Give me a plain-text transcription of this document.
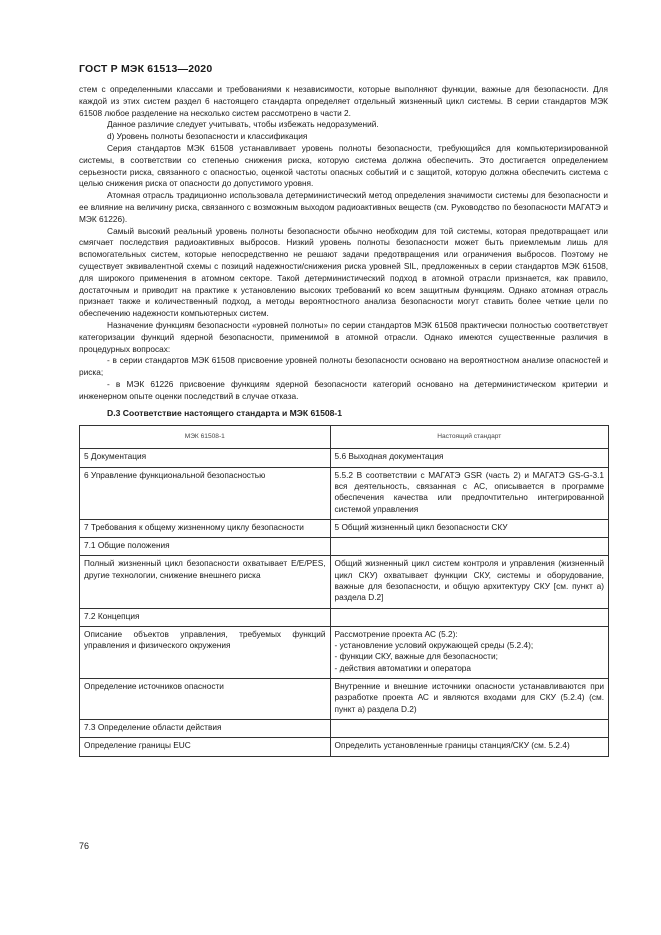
ГОСТ Р МЭК 61513—2020

стем с определенными классами и требованиями к независимости, которые выполняют функции, важные для безопасности. Для каждой из этих систем раздел 6 настоящего стандарта определяет отдельный жизненный цикл системы. В серии стандартов МЭК 61508 любое разделение на несколько систем рассмотрено в части 2.

Данное различие следует учитывать, чтобы избежать недоразумений.

d) Уровень полноты безопасности и классификация

Серия стандартов МЭК 61508 устанавливает уровень полноты безопасности, требующийся для компьютеризированной системы, в соответствии со степенью снижения риска, которую система должна обеспечить. Это достигается определением серьезности риска, связанного с опасностью, оценкой частоты опасных событий и с защитой, которую должна обеспечить система с целью снижения риска от опасности до допустимого уровня.

Атомная отрасль традиционно использовала детерминистический метод определения значимости системы для безопасности и ее влияние на величину риска, связанного с возможным выходом радиоактивных веществ (см. Руководство по безопасности МАГАТЭ и МЭК 61226).

Самый высокий реальный уровень полноты безопасности обычно необходим для той системы, которая предотвращает или смягчает последствия радиоактивных выбросов. Низкий уровень полноты безопасности может быть приемлемым лишь для вспомогательных систем, которые непосредственно не решают задачи предотвращения или ограничения выбросов. Поэтому не существует эквивалентной схемы с позиций надежности/снижения риска уровней SIL, предложенных в серии стандартов МЭК 61508, для широкого применения в атомном секторе. Такой детерминистический подход в атомной отрасли признается, как правило, достаточным и приводит на практике к установлению высоких требований ко всем защитным функциям. Однако атомная отрасль признает также и количественный подход, а методы вероятностного анализа безопасности могут ставить более четкие цели по обеспечению надежности компьютерных систем.

Назначение функциям безопасности «уровней полноты» по серии стандартов МЭК 61508 практически полностью соответствует категоризации функций ядерной безопасности, применимой в атомной отрасли. Однако имеются существенные различия в процедурных вопросах:

- в серии стандартов МЭК 61508 присвоение уровней полноты безопасности основано на вероятностном анализе опасностей и риска;

- в МЭК 61226 присвоение функциям ядерной безопасности категорий основано на детерминистическом критерии и инженерном опыте оценки последствий в случае отказа.

D.3 Соответствие настоящего стандарта и МЭК 61508-1
МЭК 61508-1	Настоящий стандарт
5 Документация	5.6 Выходная документация
6 Управление функциональной безопасностью	5.5.2 В соответствии с МАГАТЭ GSR (часть 2) и МАГАТЭ GS-G-3.1 вся деятельность, связанная с АС, описывается в программе обеспечения качества или предпочтительно интегрированной системой управления
7 Требования к общему жизненному циклу безопасности	5 Общий жизненный цикл безопасности СКУ
7.1 Общие положения	
Полный жизненный цикл безопасности охватывает E/E/PES, другие технологии, снижение внешнего риска	Общий жизненный цикл систем контроля и управления (жизненный цикл СКУ) охватывает функции СКУ, системы и оборудование, важные для безопасности, и общую архитектуру СКУ [см. пункт а) раздела D.2]
7.2 Концепция	
Описание объектов управления, требуемых функций управления и физического окружения	Рассмотрение проекта АС (5.2):
- установление условий окружающей среды (5.2.4);
- функции СКУ, важные для безопасности;
- действия автоматики и оператора
Определение источников опасности	Внутренние и внешние источники опасности устанавливаются при разработке проекта АС и являются входами для СКУ (5.2.4) (см. пункт а) раздела D.2)
7.3 Определение области действия	
Определение границы EUC	Определить установленные границы станция/СКУ (см. 5.2.4)
76
